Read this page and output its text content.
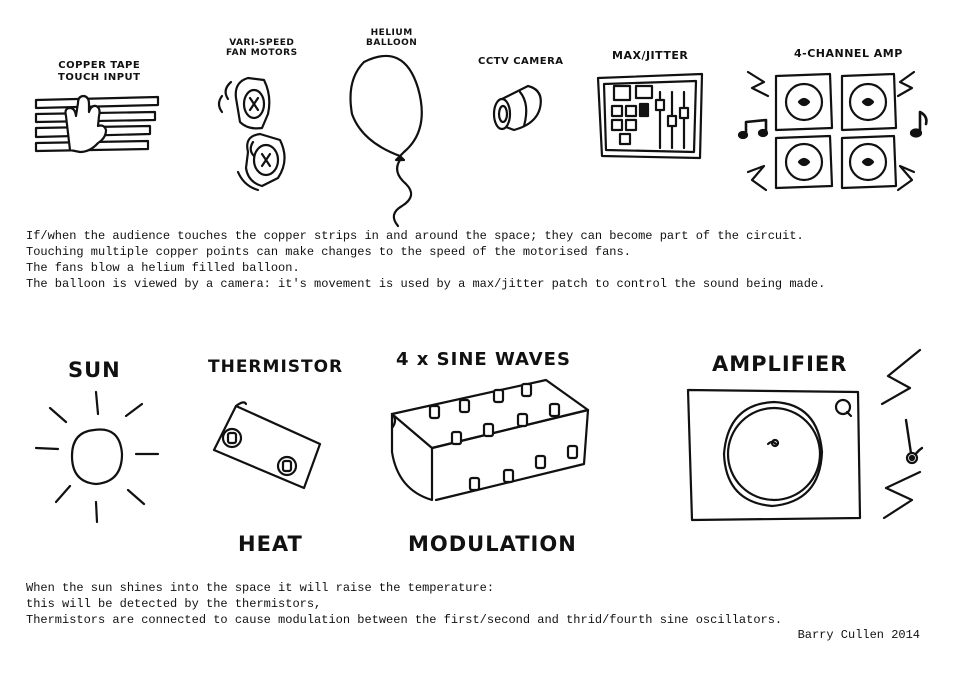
COPPER TAPE
TOUCH INPUT
VARI-SPEED
FAN MOTORS
HELIUM
BALLOON
CCTV CAMERA	MAX/JITTER	4-CHANNEL AMP

If/when the audience touches the copper strips in and around the space; they can become part of the circuit.

Touching multiple copper points can make changes to the speed of the motorised fans.

The fans blow a helium filled balloon.

The balloon is viewed by a camera: it's movement is used by a max/jitter patch to control the sound being made.

SUN	THERMISTOR
HEAT
4 x SINE WAVES
MODULATION
AMPLIFIER

When the sun shines into the space it will raise the temperature:

this will be detected by the thermistors,

Thermistors are connected to cause modulation between the first/second and thrid/fourth sine oscillators.

Barry Cullen 2014
